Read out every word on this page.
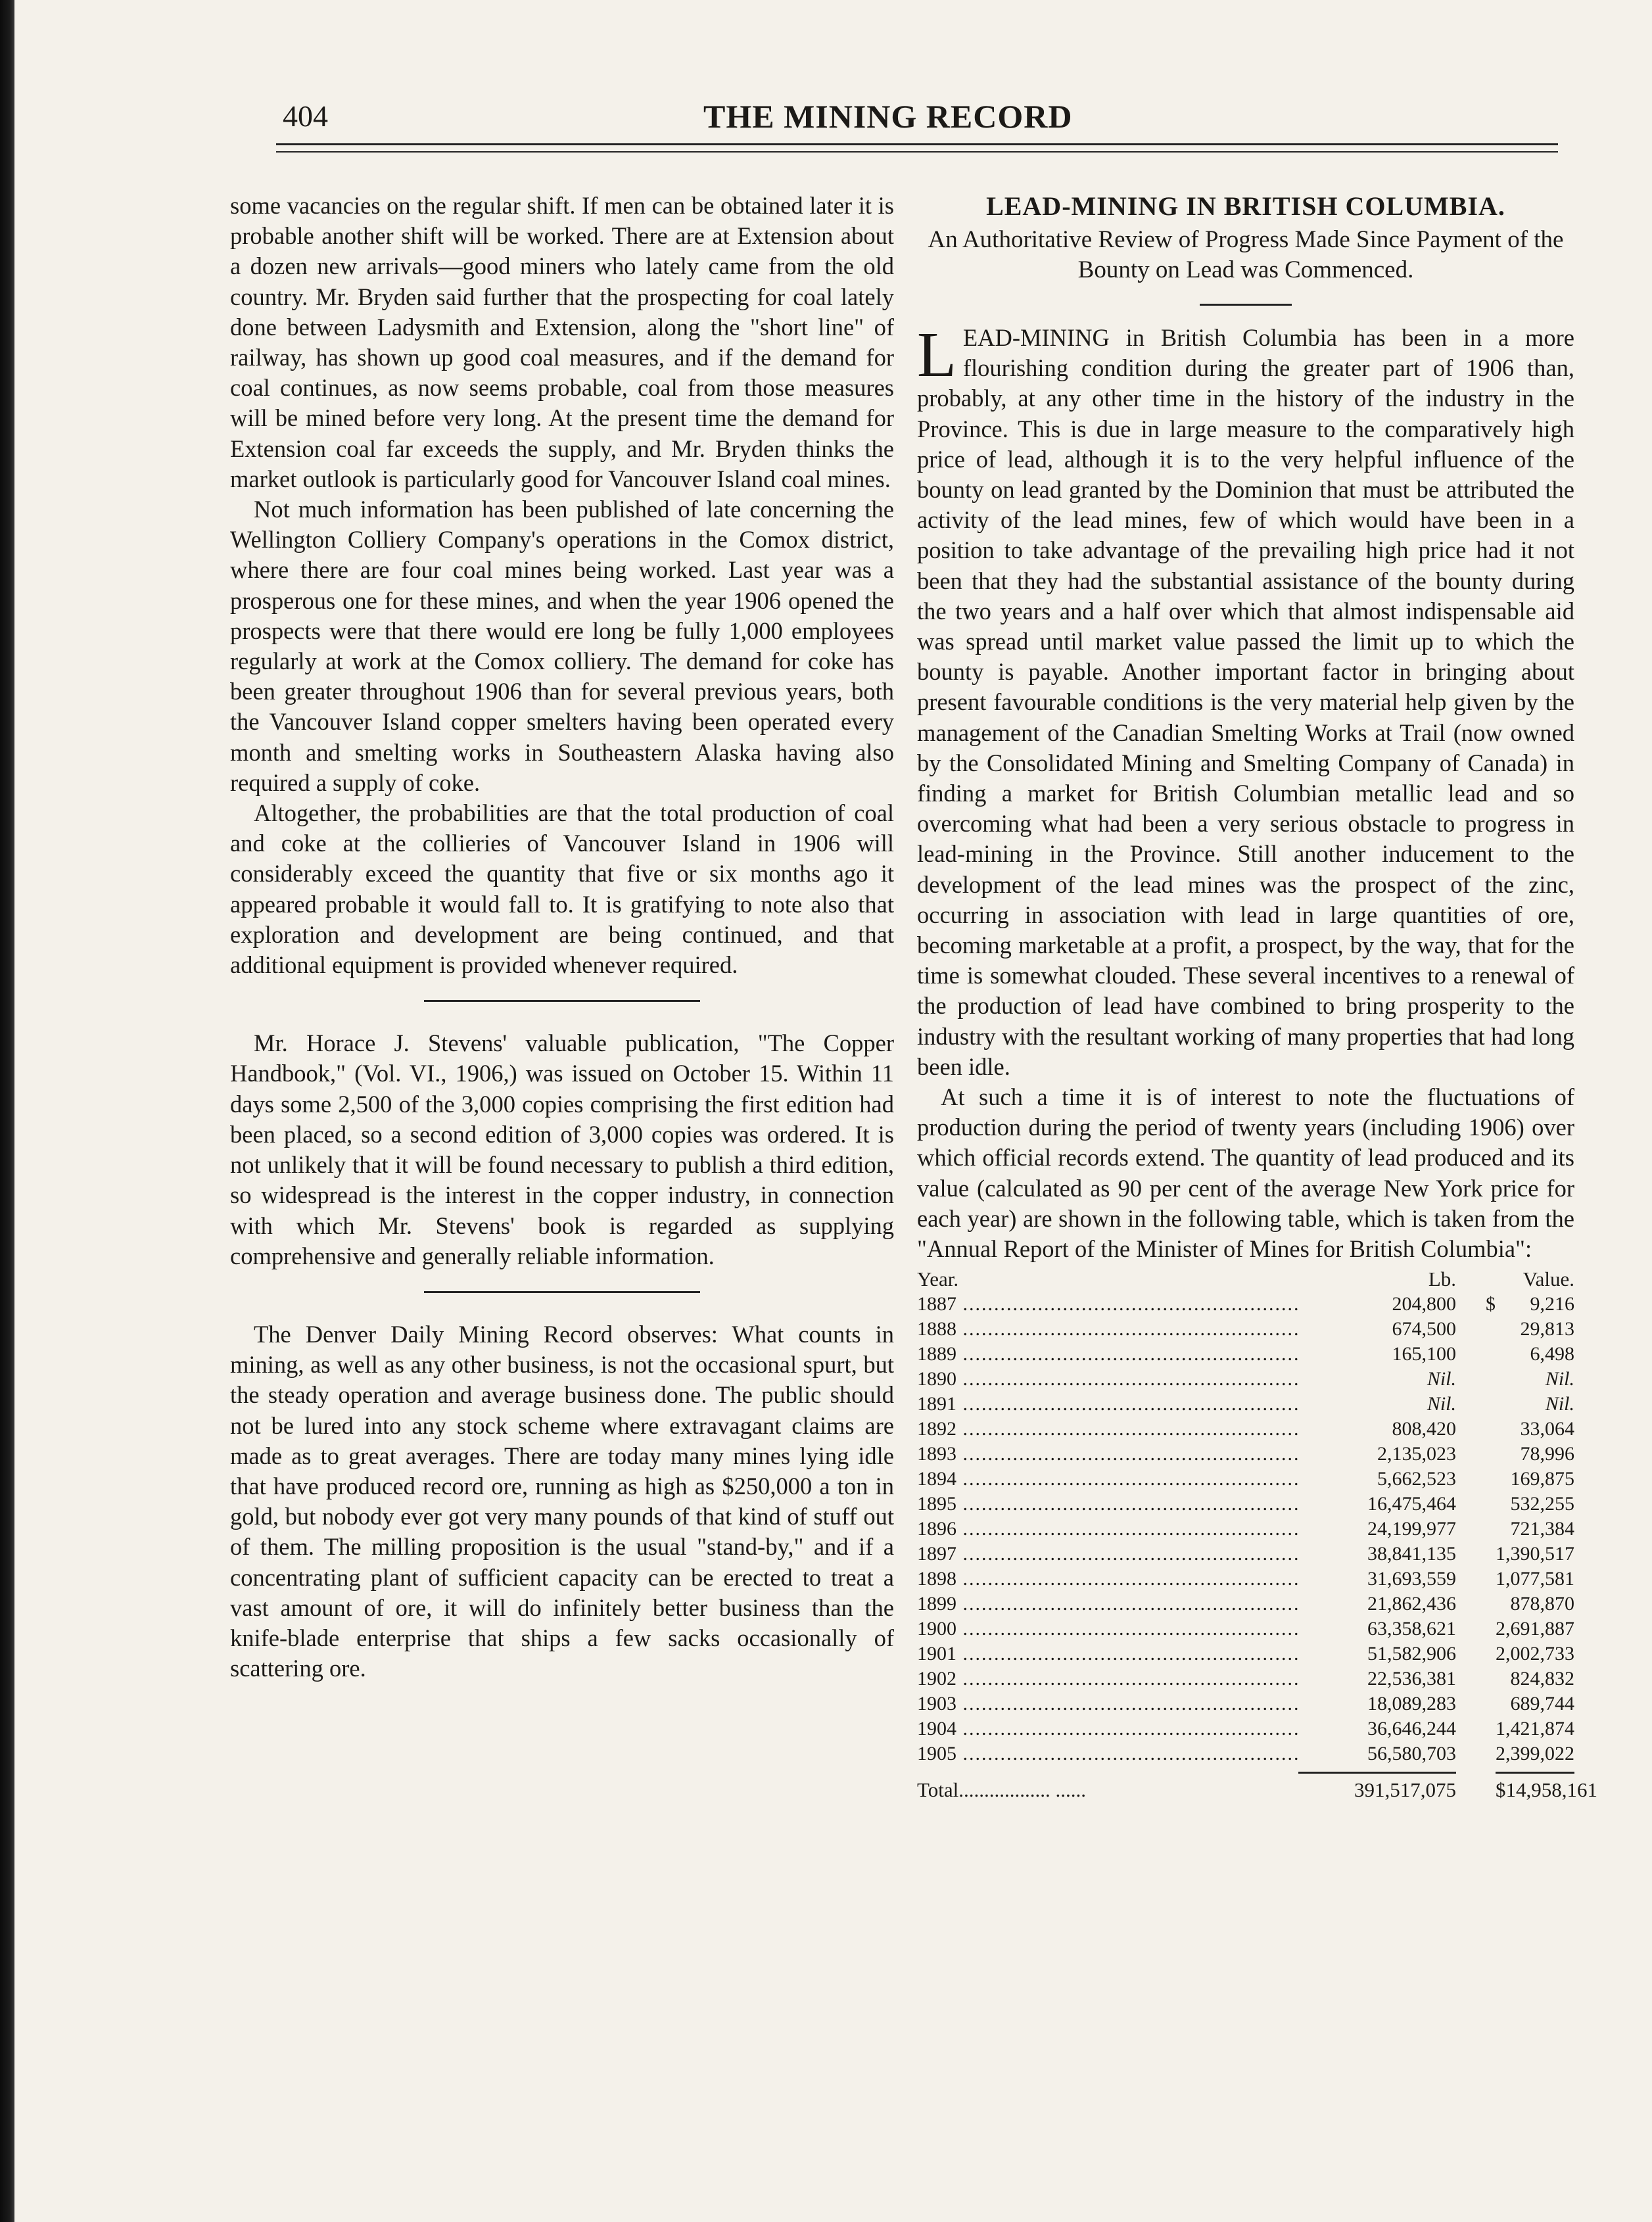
404	THE MINING RECORD

some vacancies on the regular shift. If men can be obtained later it is probable another shift will be worked. There are at Extension about a dozen new arrivals—good miners who lately came from the old country. Mr. Bryden said further that the prospecting for coal lately done between Ladysmith and Extension, along the "short line" of railway, has shown up good coal measures, and if the demand for coal continues, as now seems probable, coal from those measures will be mined before very long. At the present time the demand for Extension coal far exceeds the supply, and Mr. Bryden thinks the market outlook is particularly good for Vancouver Island coal mines.

Not much information has been published of late concerning the Wellington Colliery Company's operations in the Comox district, where there are four coal mines being worked. Last year was a prosperous one for these mines, and when the year 1906 opened the prospects were that there would ere long be fully 1,000 employees regularly at work at the Comox colliery. The demand for coke has been greater throughout 1906 than for several previous years, both the Vancouver Island copper smelters having been operated every month and smelting works in Southeastern Alaska having also required a supply of coke.

Altogether, the probabilities are that the total production of coal and coke at the collieries of Vancouver Island in 1906 will considerably exceed the quantity that five or six months ago it appeared probable it would fall to. It is gratifying to note also that exploration and development are being continued, and that additional equipment is provided whenever required.

Mr. Horace J. Stevens' valuable publication, "The Copper Handbook," (Vol. VI., 1906,) was issued on October 15. Within 11 days some 2,500 of the 3,000 copies comprising the first edition had been placed, so a second edition of 3,000 copies was ordered. It is not unlikely that it will be found necessary to publish a third edition, so widespread is the interest in the copper industry, in connection with which Mr. Stevens' book is regarded as supplying comprehensive and generally reliable information.

The Denver Daily Mining Record observes: What counts in mining, as well as any other business, is not the occasional spurt, but the steady operation and average business done. The public should not be lured into any stock scheme where extravagant claims are made as to great averages. There are today many mines lying idle that have produced record ore, running as high as $250,000 a ton in gold, but nobody ever got very many pounds of that kind of stuff out of them. The milling proposition is the usual "stand-by," and if a concentrating plant of sufficient capacity can be erected to treat a vast amount of ore, it will do infinitely better business than the knife-blade enterprise that ships a few sacks occasionally of scattering ore.

LEAD-MINING IN BRITISH COLUMBIA.

An Authoritative Review of Progress Made Since Payment of the Bounty on Lead was Commenced.

LEAD-MINING in British Columbia has been in a more flourishing condition during the greater part of 1906 than, probably, at any other time in the history of the industry in the Province. This is due in large measure to the comparatively high price of lead, although it is to the very helpful influence of the bounty on lead granted by the Dominion that must be attributed the activity of the lead mines, few of which would have been in a position to take advantage of the prevailing high price had it not been that they had the substantial assistance of the bounty during the two years and a half over which that almost indispensable aid was spread until market value passed the limit up to which the bounty is payable. Another important factor in bringing about present favourable conditions is the very material help given by the management of the Canadian Smelting Works at Trail (now owned by the Consolidated Mining and Smelting Company of Canada) in finding a market for British Columbian metallic lead and so overcoming what had been a very serious obstacle to progress in lead-mining in the Province. Still another inducement to the development of the lead mines was the prospect of the zinc, occurring in association with lead in large quantities of ore, becoming marketable at a profit, a prospect, by the way, that for the time is somewhat clouded. These several incentives to a renewal of the production of lead have combined to bring prosperity to the industry with the resultant working of many properties that had long been idle.

At such a time it is of interest to note the fluctuations of production during the period of twenty years (including 1906) over which official records extend. The quantity of lead produced and its value (calculated as 90 per cent of the average New York price for each year) are shown in the following table, which is taken from the "Annual Report of the Minister of Mines for British Columbia":

Year.	Lb.	Value.
1887 .....	204,800	$	9,216
1888 .....	674,500	29,813
1889 .....	165,100	6,498
1890 .....	Nil.	Nil.
1891 .....	Nil.	Nil.
1892 .....	808,420	33,064
1893 .....	2,135,023	78,996
1894 .....	5,662,523	169,875
1895 .....	16,475,464	532,255
1896 .....	24,199,977	721,384
1897 .....	38,841,135 1,390,517
1898 .....	31,693,559 1,077,581
1899 .....	21,862,436	878,870
1900 .....	63,358,621 2,691,887
1901 .....	51,582,906 2,002,733
1902 .....	22,536,381	824,832
1903 .....	18,089,283	689,744
1904 .....	36,646,244 1,421,874
1905 .....	56,580,703 2,399,022
Total.................. ......	391,517,075 $14,958,161
